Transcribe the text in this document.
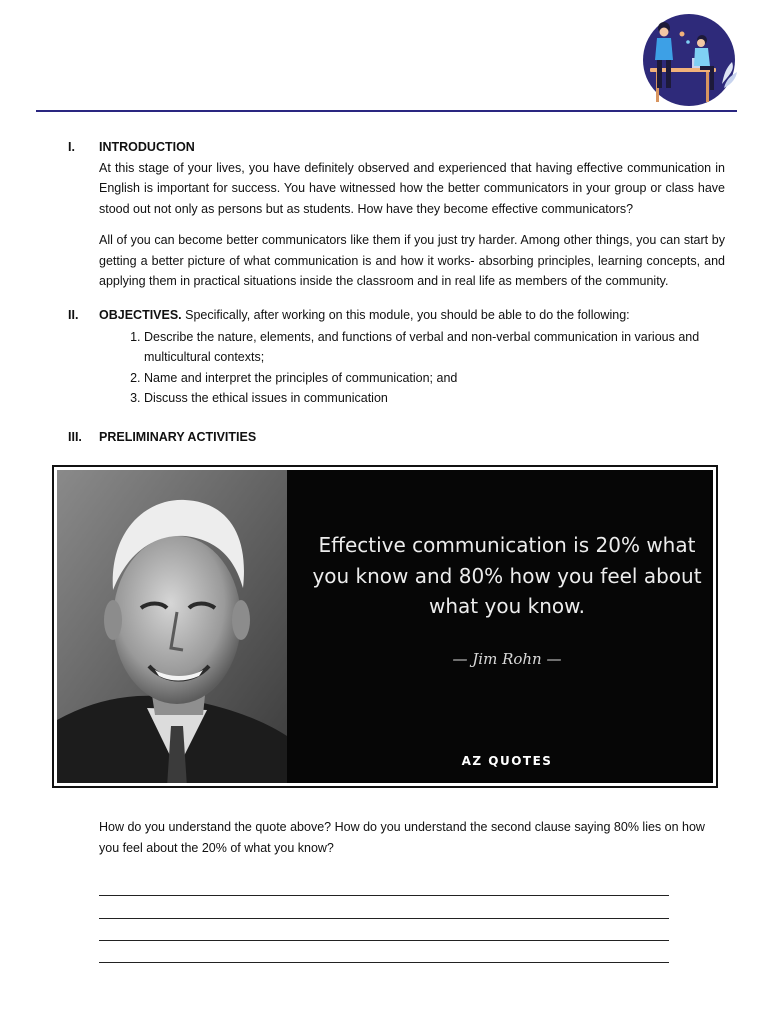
I. INTRODUCTION

At this stage of your lives, you have definitely observed and experienced that having effective communication in English is important for success. You have witnessed how the better communicators in your group or class have stood out not only as persons but as students. How have they become effective communicators?

All of you can become better communicators like them if you just try harder. Among other things, you can start by getting a better picture of what communication is and how it works- absorbing principles, learning concepts, and applying them in practical situations inside the classroom and in real life as members of the community.

II. OBJECTIVES. Specifically, after working on this module, you should be able to do the following:
1. Describe the nature, elements, and functions of verbal and non-verbal communication in various and multicultural contexts;
2. Name and interpret the principles of communication; and
3. Discuss the ethical issues in communication
III. PRELIMINARY ACTIVITIES
Effective communication is 20% what you know and 80% how you feel about what you know.
— Jim Rohn —
AZ QUOTES
How do you understand the quote above? How do you understand the second clause saying 80% lies on how you feel about the 20% of what you know?
